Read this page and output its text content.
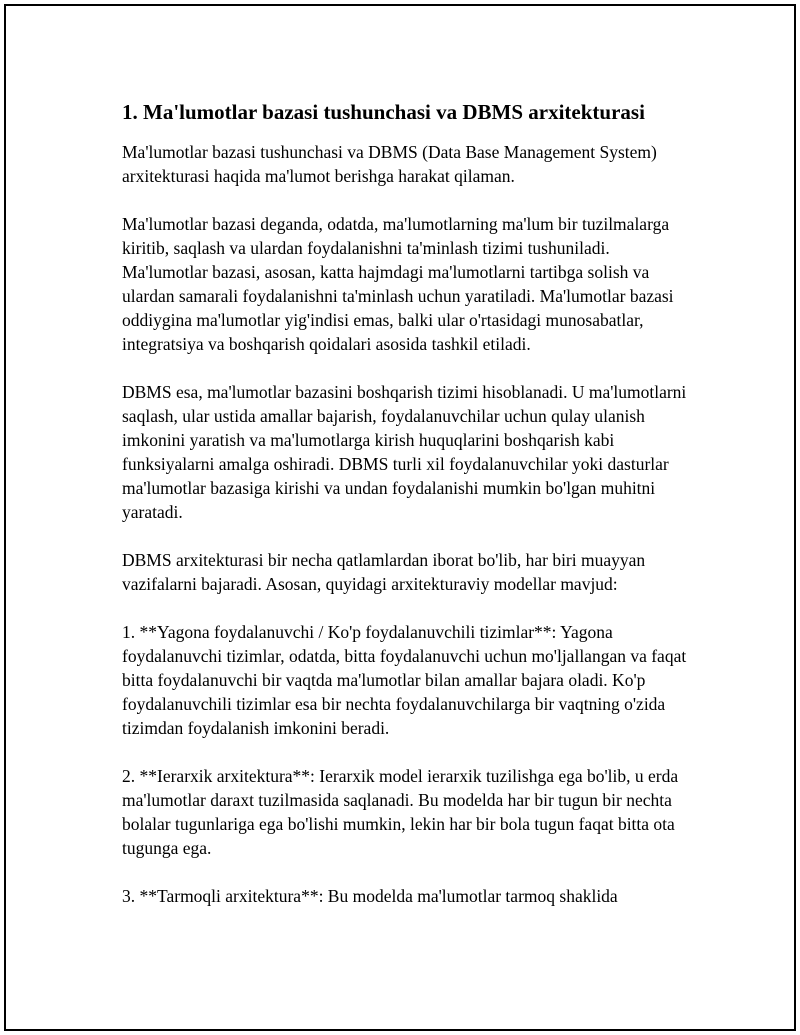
1. Ma'lumotlar bazasi tushunchasi va DBMS arxitekturasi

Ma'lumotlar bazasi tushunchasi va DBMS (Data Base Management System) arxitekturasi haqida ma'lumot berishga harakat qilaman.

Ma'lumotlar bazasi deganda, odatda, ma'lumotlarning ma'lum bir tuzilmalarga kiritib, saqlash va ulardan foydalanishni ta'minlash tizimi tushuniladi. Ma'lumotlar bazasi, asosan, katta hajmdagi ma'lumotlarni tartibga solish va ulardan samarali foydalanishni ta'minlash uchun yaratiladi. Ma'lumotlar bazasi oddiygina ma'lumotlar yig'indisi emas, balki ular o'rtasidagi munosabatlar, integratsiya va boshqarish qoidalari asosida tashkil etiladi.

DBMS esa, ma'lumotlar bazasini boshqarish tizimi hisoblanadi. U ma'lumotlarni saqlash, ular ustida amallar bajarish, foydalanuvchilar uchun qulay ulanish imkonini yaratish va ma'lumotlarga kirish huquqlarini boshqarish kabi funksiyalarni amalga oshiradi. DBMS turli xil foydalanuvchilar yoki dasturlar ma'lumotlar bazasiga kirishi va undan foydalanishi mumkin bo'lgan muhitni yaratadi.

DBMS arxitekturasi bir necha qatlamlardan iborat bo'lib, har biri muayyan vazifalarni bajaradi. Asosan, quyidagi arxitekturaviy modellar mavjud:

1. **Yagona foydalanuvchi / Ko'p foydalanuvchili tizimlar**: Yagona foydalanuvchi tizimlar, odatda, bitta foydalanuvchi uchun mo'ljallangan va faqat bitta foydalanuvchi bir vaqtda ma'lumotlar bilan amallar bajara oladi. Ko'p foydalanuvchili tizimlar esa bir nechta foydalanuvchilarga bir vaqtning o'zida tizimdan foydalanish imkonini beradi.

2. **Ierarxik arxitektura**: Ierarxik model ierarxik tuzilishga ega bo'lib, u erda ma'lumotlar daraxt tuzilmasida saqlanadi. Bu modelda har bir tugun bir nechta bolalar tugunlariga ega bo'lishi mumkin, lekin har bir bola tugun faqat bitta ota tugunga ega.

3. **Tarmoqli arxitektura**: Bu modelda ma'lumotlar tarmoq shaklida
